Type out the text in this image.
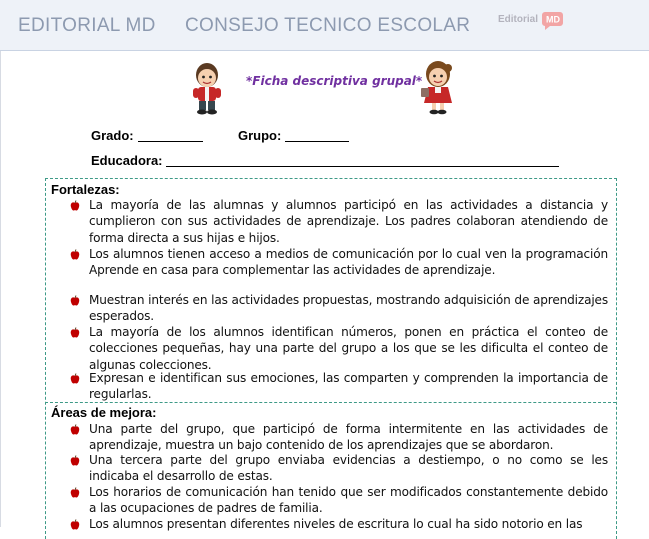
EDITORIAL MD CONSEJO TECNICO ESCOLAR	Editorial MD
*Ficha descriptiva grupal*
Grado:	Grupo:
Educadora:
Fortalezas:
La mayoría de las alumnas y alumnos participó en las actividades a distancia y cumplieron con sus actividades de aprendizaje. Los padres colaboran atendiendo de forma directa a sus hijas e hijos.
Los alumnos tienen acceso a medios de comunicación por lo cual ven la programación Aprende en casa para complementar las actividades de aprendizaje.
Muestran interés en las actividades propuestas, mostrando adquisición de aprendizajes esperados.
La mayoría de los alumnos identifican números, ponen en práctica el conteo de colecciones pequeñas, hay una parte del grupo a los que se les dificulta el conteo de algunas colecciones.
Expresan e identifican sus emociones, las comparten y comprenden la importancia de regularlas.
Áreas de mejora:
Una parte del grupo, que participó de forma intermitente en las actividades de aprendizaje, muestra un bajo contenido de los aprendizajes que se abordaron.
Una tercera parte del grupo enviaba evidencias a destiempo, o no como se les indicaba el desarrollo de estas.
Los horarios de comunicación han tenido que ser modificados constantemente debido a las ocupaciones de padres de familia.
Los alumnos presentan diferentes niveles de escritura lo cual ha sido notorio en las
